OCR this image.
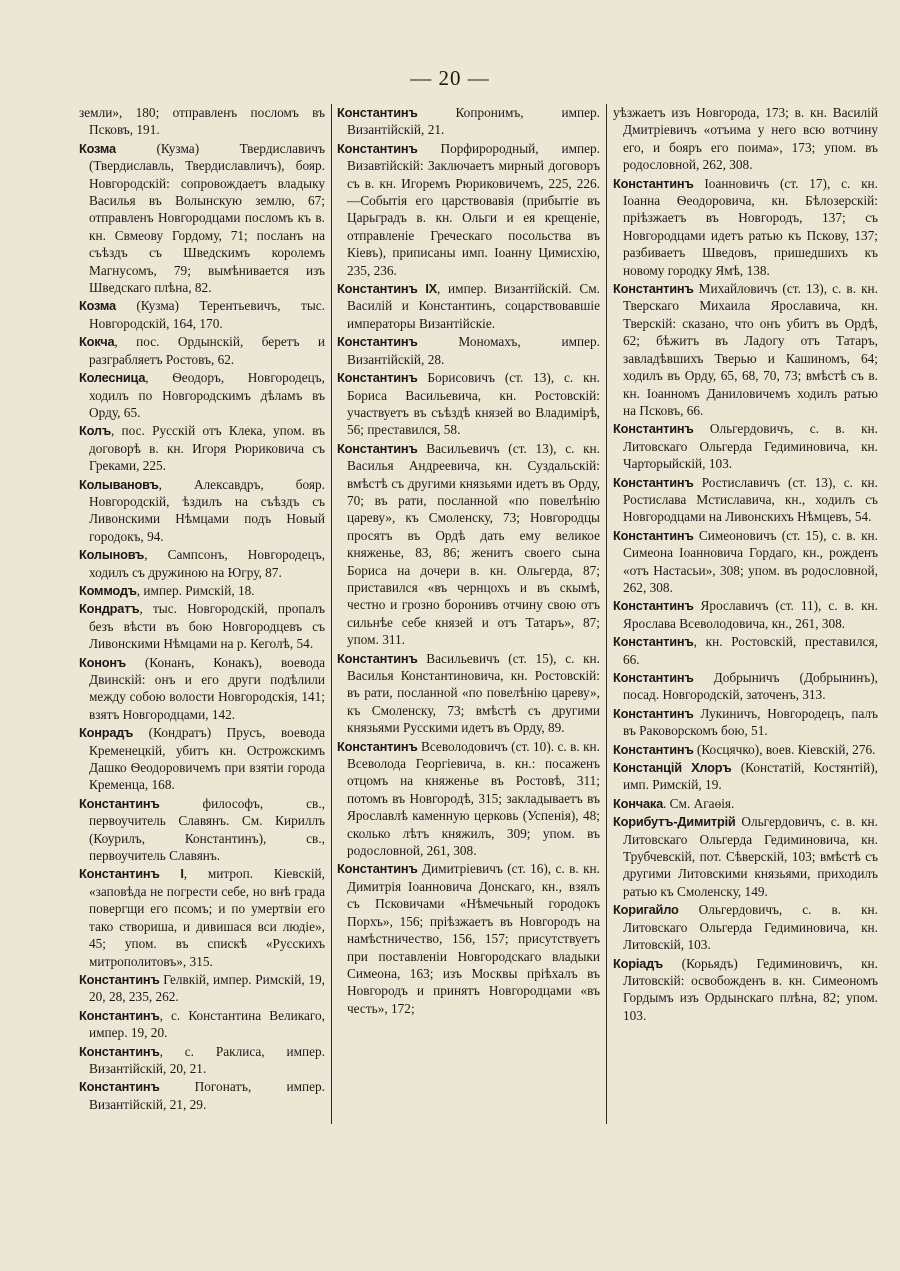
— 20 —

земли», 180; отправленъ посломъ въ Псковъ, 191.

Козма (Кузма) Твердиславичъ (Твердиславль, Твердиславличъ), бояр. Новгородскій: сопровождаетъ владыку Василья въ Волынскую землю, 67; отправленъ Новгородцами посломъ къ в. кн. Свмеову Гордому, 71; посланъ на съѣздъ съ Шведскимъ королемъ Магнусомъ, 79; вымѣнивается изъ Шведскаго плѣна, 82.

Козма (Кузма) Терентьевичъ, тыс. Новгородскій, 164, 170.

Кокча, пос. Ордынскій, беретъ и разграбляетъ Ростовъ, 62.

Колесница, Ѳеодоръ, Новгородецъ, ходилъ по Новгородскимъ дѣламъ въ Орду, 65.

Колъ, пос. Русскій отъ Клека, упом. въ договорѣ в. кн. Игоря Рюриковича съ Греками, 225.

Колывановъ, Алексавдръ, бояр. Новгородскій, ѣздилъ на съѣздъ съ Ливонскими Нѣмцами подъ Новый городокъ, 94.

Колыновъ, Сампсонъ, Новгородецъ, ходилъ съ дружиною на Югру, 87.

Коммодъ, импер. Римскій, 18.

Кондратъ, тыс. Новгородскій, пропалъ безъ вѣсти въ бою Новгородцевъ съ Ливонскими Нѣмцами на р. Кеголѣ, 54.

Кононъ (Конанъ, Конакъ), воевода Двинскій: онъ и его други подѣлили между собою волости Новгородскія, 141; взятъ Новгородцами, 142.

Конрадъ (Кондратъ) Прусъ, воевода Кременецкій, убитъ кн. Острожскимъ Дашко Ѳеодоровичемъ при взятіи города Кременца, 168.

Константинъ философъ, св., первоучитель Славянъ. См. Кириллъ (Коурилъ, Константинъ), св., первоучитель Славянъ.

Константинъ I, митроп. Кіевскій, «заповѣда не погрести себе, но внѣ града повергщи его псомъ; и по умертвіи его тако створиша, и дивишася вси людіе», 45; упом. въ спискѣ «Русскихъ митрополитовъ», 315.

Константинъ Гелвкій, импер. Римскій, 19, 20, 28, 235, 262.

Константинъ, с. Константина Великаго, импер. 19, 20.

Константинъ, с. Раклиса, импер. Византійскій, 20, 21.

Константинъ Погонатъ, импер. Византійскій, 21, 29.

Константинъ Копронимъ, импер. Византійскій, 21.

Константинъ Порфирородный, импер. Визавтійскій: Заключаетъ мирный договоръ съ в. кн. Игоремъ Рюриковичемъ, 225, 226.—Событія его царствовавія (прибытіе въ Царьградъ в. кн. Ольги и ея крещеніе, отправленіе Греческаго посольства въ Кіевъ), приписаны имп. Іоанну Цимисхію, 235, 236.

Константинъ IX, импер. Византійскій. См. Василій и Константинъ, соцарствовавшіе императоры Византійскіе.

Константинъ Мономахъ, импер. Византійскій, 28.

Константинъ Борисовичъ (ст. 13), с. кн. Бориса Васильевича, кн. Ростовскій: участвуетъ въ съѣздѣ князей во Владимірѣ, 56; преставился, 58.

Константинъ Васильевичъ (ст. 13), с. кн. Василья Андреевича, кн. Суздальскій: вмѣстѣ съ другими князьями идетъ въ Орду, 70; въ рати, посланной «по повелѣнію цареву», къ Смоленску, 73; Новгородцы просятъ въ Ордѣ дать ему великое княженье, 83, 86; женитъ своего сына Бориса на дочери в. кн. Ольгерда, 87; приставился «въ чернцохъ и въ скымѣ, честно и грозно боронивъ отчину свою отъ сильнѣе себе князей и отъ Татаръ», 87; упом. 311.

Константинъ Васильевичъ (ст. 15), с. кн. Василья Константиновича, кн. Ростовскій: въ рати, посланной «по повелѣнію цареву», къ Смоленску, 73; вмѣстѣ съ другими князьями Русскими идетъ въ Орду, 89.

Константинъ Всеволодовичъ (ст. 10). с. в. кн. Всеволода Георгіевича, в. кн.: посаженъ отцомъ на княженье въ Ростовѣ, 311; потомъ въ Новгородѣ, 315; закладываетъ въ Ярославлѣ каменную церковь (Успенія), 48; сколько лѣтъ княжилъ, 309; упом. въ родословной, 261, 308.

Константинъ Димитріевичъ (ст. 16), с. в. кн. Димитрія Іоанновича Донскаго, кн., взялъ съ Псковичами «Нѣмечьный городокъ Порхъ», 156; пріѣзжаетъ въ Новгородъ на намѣстничество, 156, 157; присутствуетъ при поставленіи Новгородскаго владыки Симеона, 163; изъ Москвы пріѣхалъ въ Новгородъ и принятъ Новгородцами «въ честь», 172;

уѣзжаетъ изъ Новгорода, 173; в. кн. Василій Дмитріевичъ «отъима у него всю вотчину его, и бояръ его поима», 173; упом. въ родословной, 262, 308.

Константинъ Іоанновичъ (ст. 17), с. кн. Іоанна Ѳеодоровича, кн. Бѣлозерскій: пріѣзжаетъ въ Новгородъ, 137; съ Новгородцами идетъ ратью къ Пскову, 137; разбиваетъ Шведовъ, пришедшихъ къ новому городку Ямѣ, 138.

Константинъ Михайловичъ (ст. 13), с. в. кн. Тверскаго Михаила Ярославича, кн. Тверскій: сказано, что онъ убитъ въ Ордѣ, 62; бѣжитъ въ Ладогу отъ Татаръ, завладѣвшихъ Тверью и Кашиномъ, 64; ходилъ въ Орду, 65, 68, 70, 73; вмѣстѣ съ в. кн. Іоанномъ Даниловичемъ ходилъ ратью на Псковъ, 66.

Константинъ Ольгердовичъ, с. в. кн. Литовскаго Ольгерда Гедиминовича, кн. Чарторыйскій, 103.

Константинъ Ростиславичъ (ст. 13), с. кн. Ростислава Мстиславича, кн., ходилъ съ Новгородцами на Ливонскихъ Нѣмцевъ, 54.

Константинъ Симеоновичъ (ст. 15), с. в. кн. Симеона Іоанновича Гордаго, кн., рожденъ «отъ Настасьи», 308; упом. въ родословной, 262, 308.

Константинъ Ярославичъ (ст. 11), с. в. кн. Ярослава Всеволодовича, кн., 261, 308.

Константинъ, кн. Ростовскій, преставился, 66.

Константинъ Добрыничъ (Добрынинъ), посад. Новгородскій, заточенъ, 313.

Константинъ Лукиничъ, Новгородецъ, палъ въ Раковорскомъ бою, 51.

Константинъ (Косцячко), воев. Кіевскій, 276.

Констанцій Хлоръ (Констатій, Костянтій), имп. Римскій, 19.

Кончака. См. Агаѳія.

Корибутъ-Димитрій Ольгердовичъ, с. в. кн. Литовскаго Ольгерда Гедиминовича, кн. Трубчевскій, пот. Сѣверскій, 103; вмѣстѣ съ другими Литовскими князьями, приходилъ ратью къ Смоленску, 149.

Коригайло Ольгердовичъ, с. в. кн. Литовскаго Ольгерда Гедиминовича, кн. Литовскій, 103.

Коріадъ (Корьядъ) Гедиминовичъ, кн. Литовскій: освобожденъ в. кн. Симеономъ Гордымъ изъ Ордынскаго плѣна, 82; упом. 103.
